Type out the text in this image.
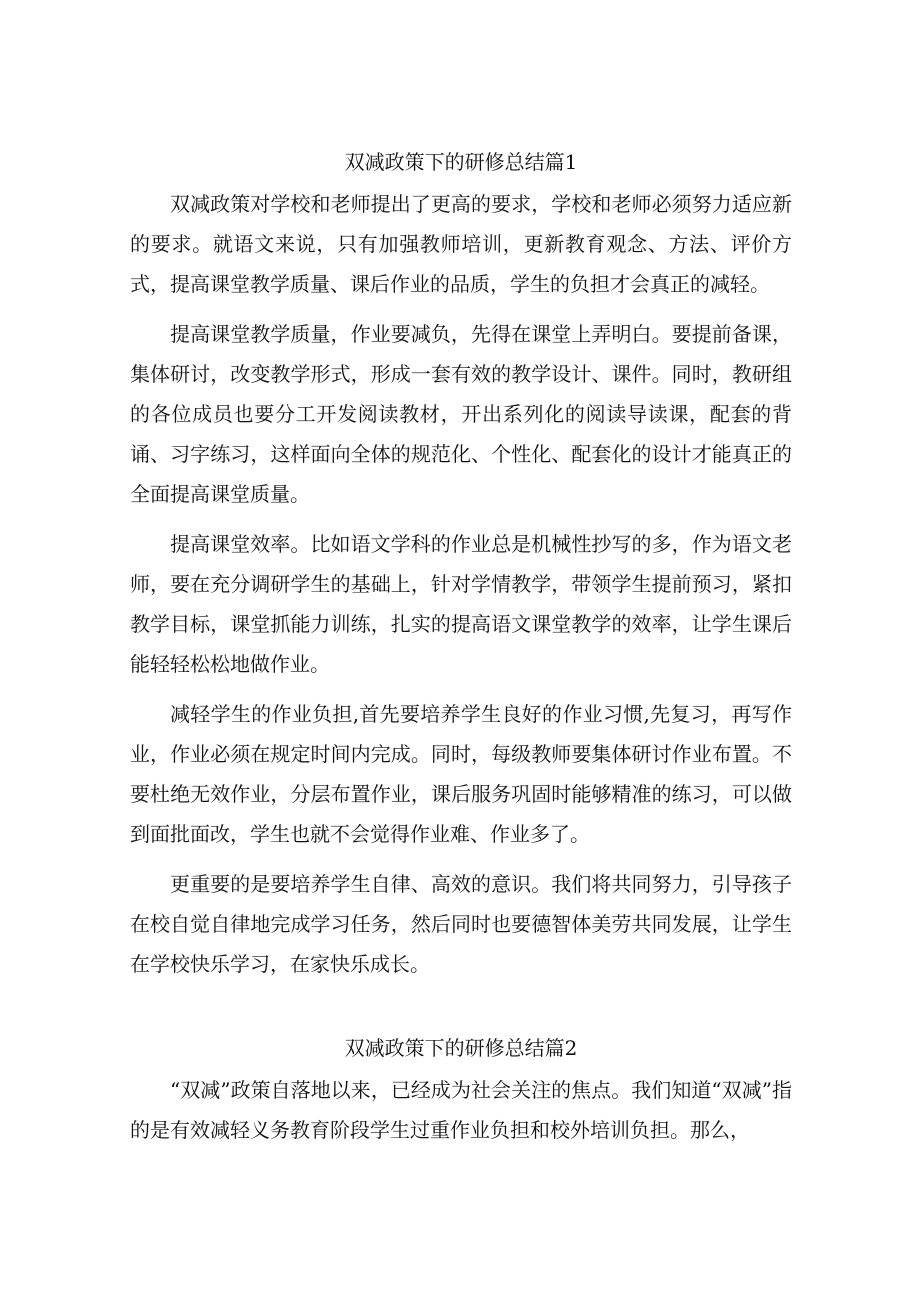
双减政策下的研修总结篇1

双减政策对学校和老师提出了更高的要求，学校和老师必须努力适应新的要求。就语文来说，只有加强教师培训，更新教育观念、方法、评价方式，提高课堂教学质量、课后作业的品质，学生的负担才会真正的减轻。

提高课堂教学质量，作业要减负，先得在课堂上弄明白。要提前备课，集体研讨，改变教学形式，形成一套有效的教学设计、课件。同时，教研组的各位成员也要分工开发阅读教材，开出系列化的阅读导读课，配套的背诵、习字练习，这样面向全体的规范化、个性化、配套化的设计才能真正的全面提高课堂质量。

提高课堂效率。比如语文学科的作业总是机械性抄写的多，作为语文老师，要在充分调研学生的基础上，针对学情教学，带领学生提前预习，紧扣教学目标，课堂抓能力训练，扎实的提高语文课堂教学的效率，让学生课后能轻轻松松地做作业。

减轻学生的作业负担,首先要培养学生良好的作业习惯,先复习，再写作业，作业必须在规定时间内完成。同时，每级教师要集体研讨作业布置。不要杜绝无效作业，分层布置作业，课后服务巩固时能够精准的练习，可以做到面批面改，学生也就不会觉得作业难、作业多了。

更重要的是要培养学生自律、高效的意识。我们将共同努力，引导孩子在校自觉自律地完成学习任务，然后同时也要德智体美劳共同发展，让学生在学校快乐学习，在家快乐成长。

双减政策下的研修总结篇2

“双减”政策自落地以来，已经成为社会关注的焦点。我们知道“双减”指的是有效减轻义务教育阶段学生过重作业负担和校外培训负担。那么，
